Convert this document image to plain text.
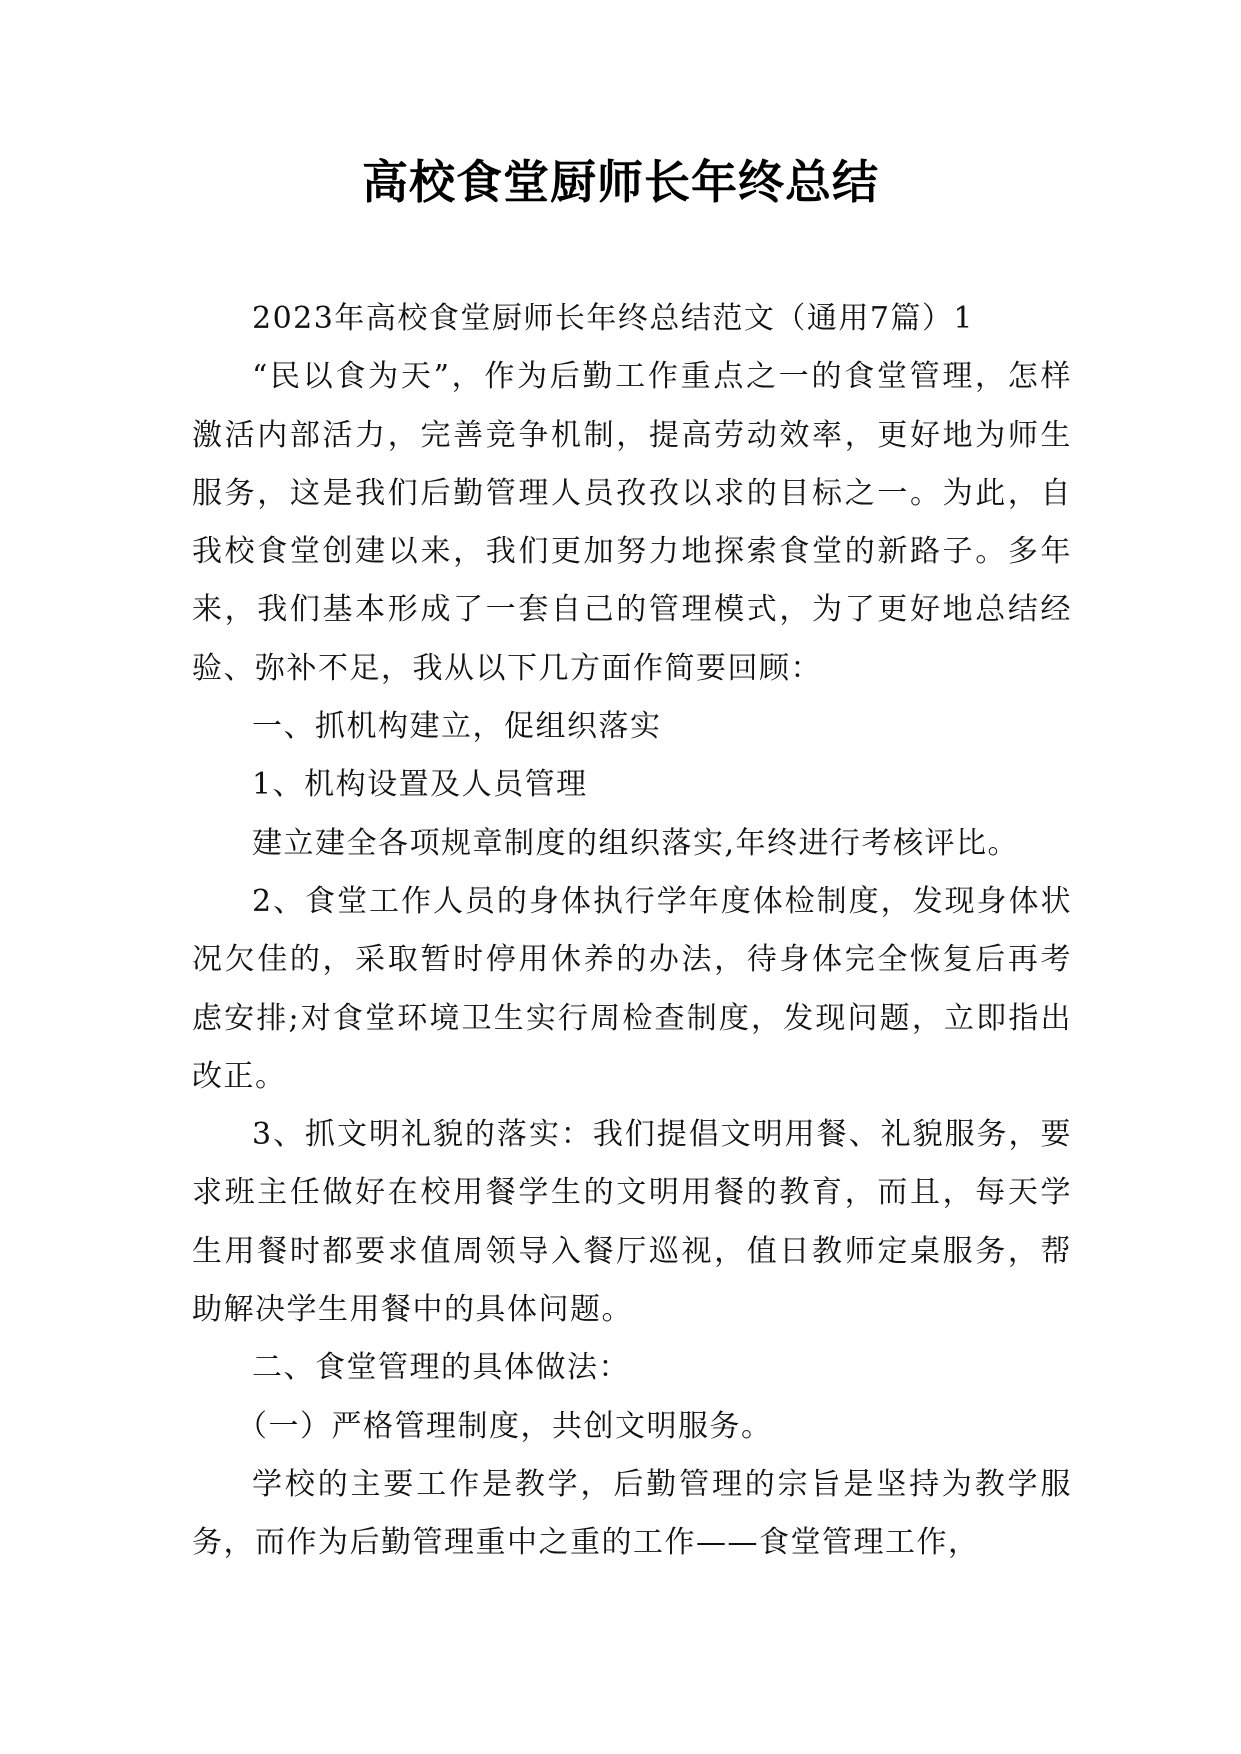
高校食堂厨师长年终总结

2023年高校食堂厨师长年终总结范文（通用7篇）1

“民以食为天”，作为后勤工作重点之一的食堂管理，怎样激活内部活力，完善竞争机制，提高劳动效率，更好地为师生服务，这是我们后勤管理人员孜孜以求的目标之一。为此，自我校食堂创建以来，我们更加努力地探索食堂的新路子。多年来，我们基本形成了一套自己的管理模式，为了更好地总结经验、弥补不足，我从以下几方面作简要回顾：

一、抓机构建立，促组织落实

1、机构设置及人员管理

建立建全各项规章制度的组织落实,年终进行考核评比。

2、食堂工作人员的身体执行学年度体检制度，发现身体状况欠佳的，采取暂时停用休养的办法，待身体完全恢复后再考虑安排;对食堂环境卫生实行周检查制度，发现问题，立即指出改正。

3、抓文明礼貌的落实：我们提倡文明用餐、礼貌服务，要求班主任做好在校用餐学生的文明用餐的教育，而且，每天学生用餐时都要求值周领导入餐厅巡视，值日教师定桌服务，帮助解决学生用餐中的具体问题。

二、食堂管理的具体做法：

（一）严格管理制度，共创文明服务。

学校的主要工作是教学，后勤管理的宗旨是坚持为教学服务，而作为后勤管理重中之重的工作——食堂管理工作，
